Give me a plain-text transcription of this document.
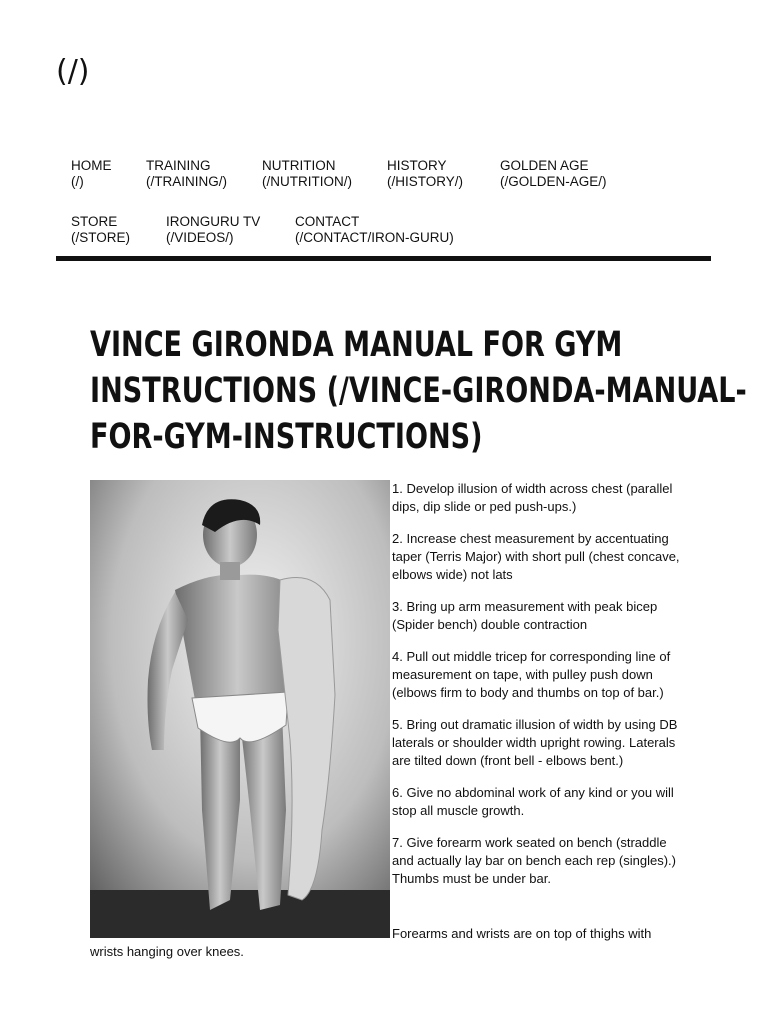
(/)
HOME
(/)
TRAINING
(/TRAINING/)
NUTRITION
(/NUTRITION/)
HISTORY
(/HISTORY/)
GOLDEN AGE
(/GOLDEN-AGE/)
STORE
(/STORE)
IRONGURU TV
(/VIDEOS/)
CONTACT
(/CONTACT/IRON-GURU)
VINCE GIRONDA MANUAL FOR GYM
INSTRUCTIONS (/VINCE-GIRONDA-MANUAL-
FOR-GYM-INSTRUCTIONS)

1. Develop illusion of width across chest (parallel dips, dip slide or ped push-ups.)

2. Increase chest measurement by accentuating taper (Terris Major) with short pull (chest concave, elbows wide) not lats

3. Bring up arm measurement with peak bicep (Spider bench) double contraction

4. Pull out middle tricep for corresponding line of measurement on tape, with pulley push down (elbows firm to body and thumbs on top of bar.)

5. Bring out dramatic illusion of width by using DB laterals or shoulder width upright rowing. Laterals are tilted down (front bell - elbows bent.)

6. Give no abdominal work of any kind or you will stop all muscle growth.

7. Give forearm work seated on bench (straddle and actually lay bar on bench each rep (singles).) Thumbs must be under bar.

Forearms and wrists are on top of thighs with
wrists hanging over knees.
